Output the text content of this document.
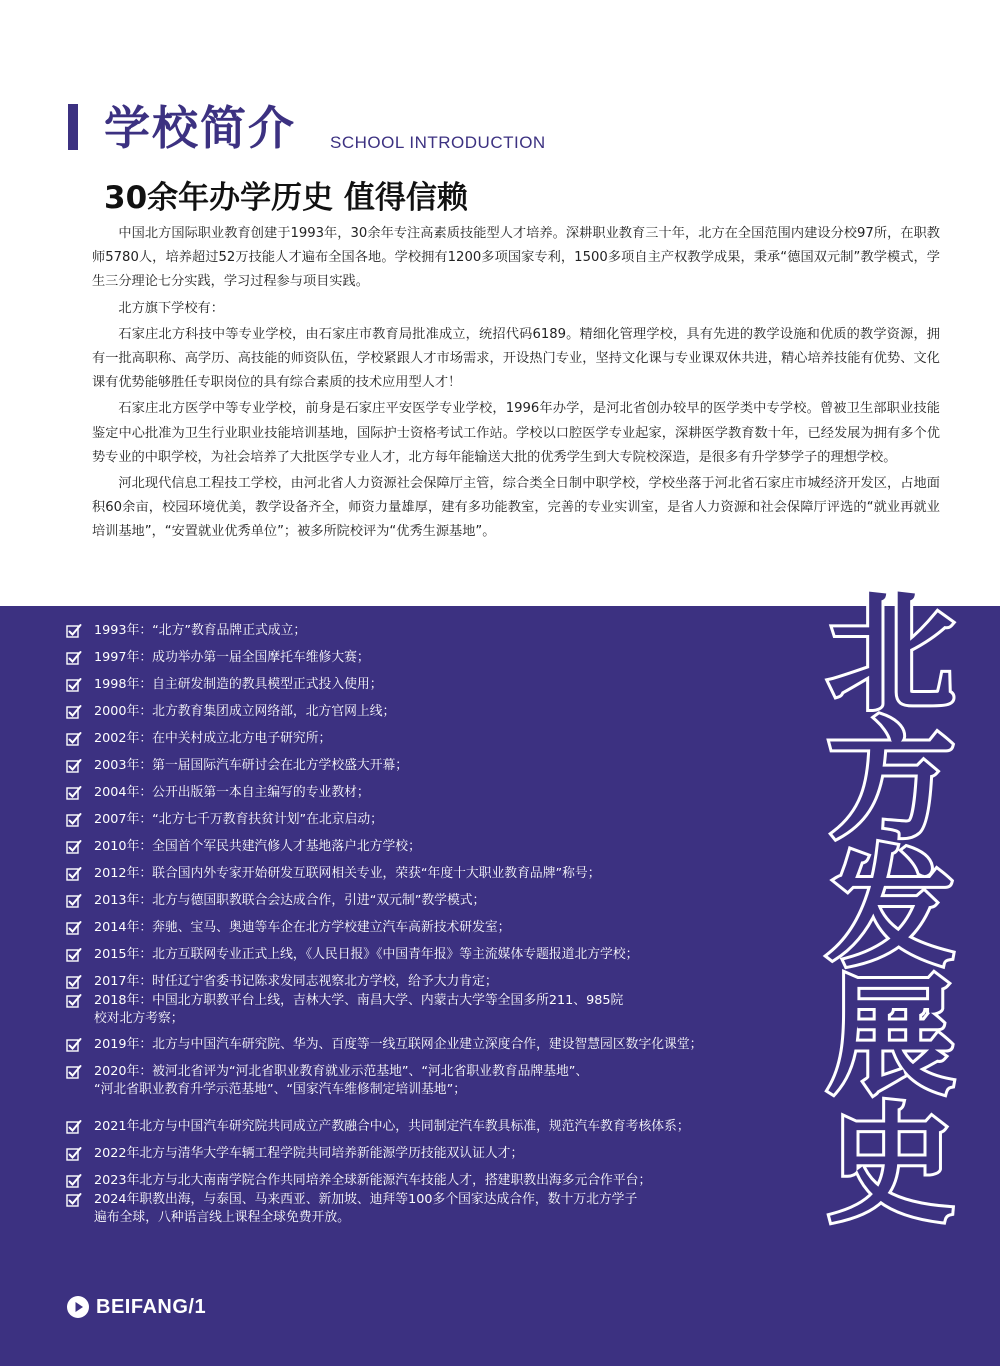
学校简介 SCHOOL INTRODUCTION
30余年办学历史 值得信赖

中国北方国际职业教育创建于1993年，30余年专注高素质技能型人才培养。深耕职业教育三十年，北方在全国范围内建设分校97所，在职教师5780人，培养超过52万技能人才遍布全国各地。学校拥有1200多项国家专利，1500多项自主产权教学成果，秉承“德国双元制”教学模式，学生三分理论七分实践，学习过程参与项目实践。

北方旗下学校有：

石家庄北方科技中等专业学校，由石家庄市教育局批准成立，统招代码6189。精细化管理学校，具有先进的教学设施和优质的教学资源，拥有一批高职称、高学历、高技能的师资队伍，学校紧跟人才市场需求，开设热门专业，坚持文化课与专业课双休共进，精心培养技能有优势、文化课有优势能够胜任专职岗位的具有综合素质的技术应用型人才！

石家庄北方医学中等专业学校，前身是石家庄平安医学专业学校，1996年办学，是河北省创办较早的医学类中专学校。曾被卫生部职业技能鉴定中心批准为卫生行业职业技能培训基地，国际护士资格考试工作站。学校以口腔医学专业起家，深耕医学教育数十年，已经发展为拥有多个优势专业的中职学校，为社会培养了大批医学专业人才，北方每年能输送大批的优秀学生到大专院校深造，是很多有升学梦学子的理想学校。

河北现代信息工程技工学校，由河北省人力资源社会保障厅主管，综合类全日制中职学校，学校坐落于河北省石家庄市城经济开发区，占地面积60余亩，校园环境优美，教学设备齐全，师资力量雄厚，建有多功能教室，完善的专业实训室，是省人力资源和社会保障厅评选的“就业再就业培训基地”，“安置就业优秀单位”；被多所院校评为“优秀生源基地”。

1993年：“北方”教育品牌正式成立；
1997年：成功举办第一届全国摩托车维修大赛；
1998年：自主研发制造的教具模型正式投入使用；
2000年：北方教育集团成立网络部，北方官网上线；
2002年：在中关村成立北方电子研究所；
2003年：第一届国际汽车研讨会在北方学校盛大开幕；
2004年：公开出版第一本自主编写的专业教材；
2007年：“北方七千万教育扶贫计划”在北京启动；
2010年：全国首个军民共建汽修人才基地落户北方学校；
2012年：联合国内外专家开始研发互联网相关专业，荣获“年度十大职业教育品牌”称号；
2013年：北方与德国职教联合会达成合作，引进“双元制”教学模式；
2014年：奔驰、宝马、奥迪等车企在北方学校建立汽车高新技术研发室；
2015年：北方互联网专业正式上线，《人民日报》《中国青年报》等主流媒体专题报道北方学校；
2017年：时任辽宁省委书记陈求发同志视察北方学校，给予大力肯定；
2018年：中国北方职教平台上线，吉林大学、南昌大学、内蒙古大学等全国多所211、985院
校对北方考察；
2019年：北方与中国汽车研究院、华为、百度等一线互联网企业建立深度合作，建设智慧园区数字化课堂；
2020年：被河北省评为“河北省职业教育就业示范基地”、“河北省职业教育品牌基地”、
“河北省职业教育升学示范基地”、“国家汽车维修制定培训基地”；
2021年北方与中国汽车研究院共同成立产教融合中心，共同制定汽车教具标准，规范汽车教育考核体系；
2022年北方与清华大学车辆工程学院共同培养新能源学历技能双认证人才；
2023年北方与北大南南学院合作共同培养全球新能源汽车技能人才，搭建职教出海多元合作平台；
2024年职教出海，与泰国、马来西亚、新加坡、迪拜等100多个国家达成合作，数十万北方学子
遍布全球，八种语言线上课程全球免费开放。
北
方
发
展
史
BEIFANG/1
